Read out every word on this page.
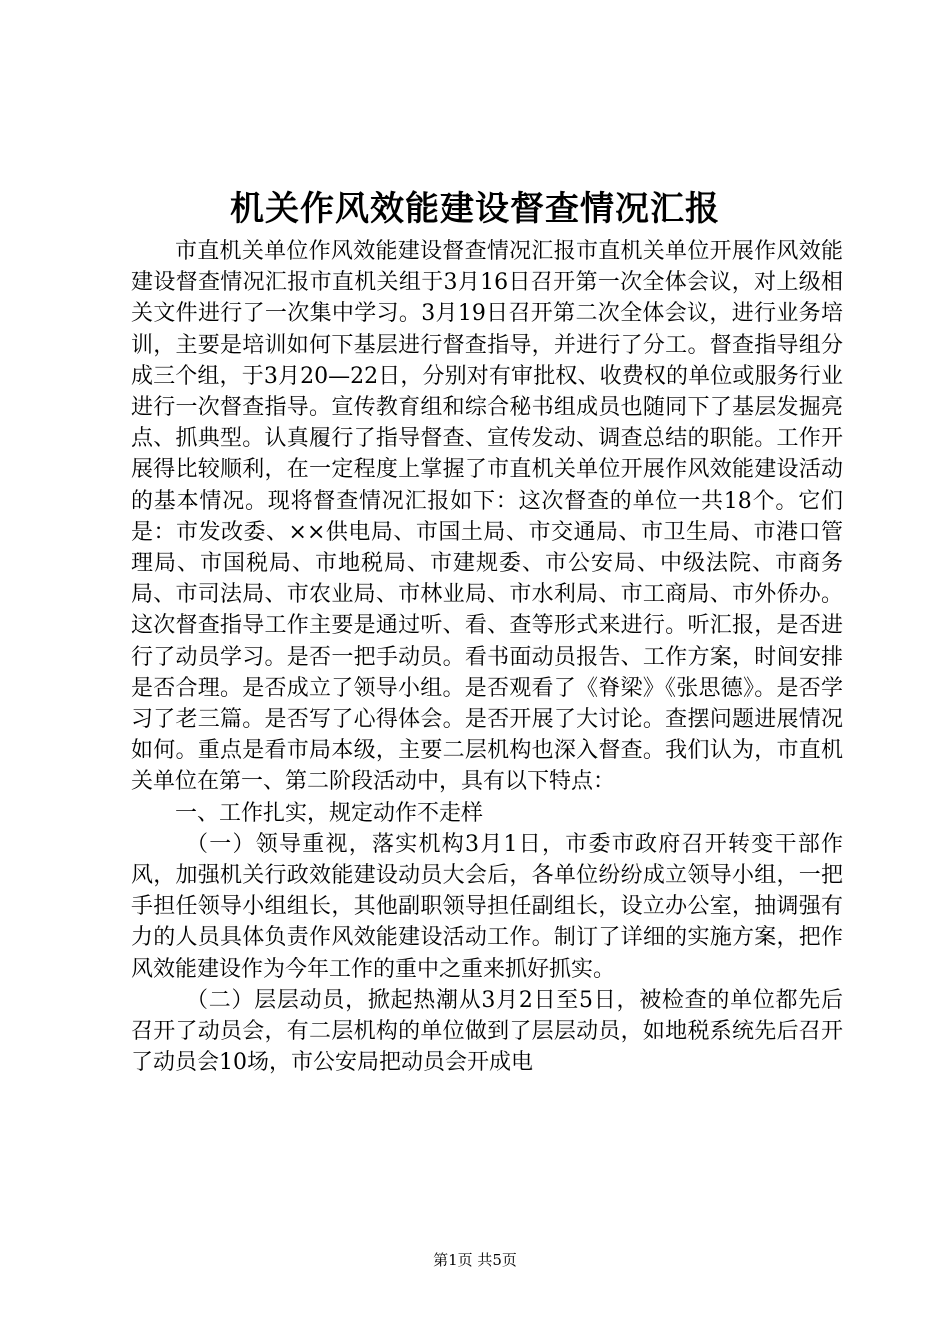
机关作风效能建设督查情况汇报

市直机关单位作风效能建设督查情况汇报市直机关单位开展作风效能建设督查情况汇报市直机关组于3月16日召开第一次全体会议，对上级相关文件进行了一次集中学习。3月19日召开第二次全体会议，进行业务培训，主要是培训如何下基层进行督查指导，并进行了分工。督查指导组分成三个组，于3月20—22日，分别对有审批权、收费权的单位或服务行业进行一次督查指导。宣传教育组和综合秘书组成员也随同下了基层发掘亮点、抓典型。认真履行了指导督查、宣传发动、调查总结的职能。工作开展得比较顺利，在一定程度上掌握了市直机关单位开展作风效能建设活动的基本情况。现将督查情况汇报如下：这次督查的单位一共18个。它们是：市发改委、××供电局、市国土局、市交通局、市卫生局、市港口管理局、市国税局、市地税局、市建规委、市公安局、中级法院、市商务局、市司法局、市农业局、市林业局、市水利局、市工商局、市外侨办。这次督查指导工作主要是通过听、看、查等形式来进行。听汇报，是否进行了动员学习。是否一把手动员。看书面动员报告、工作方案，时间安排是否合理。是否成立了领导小组。是否观看了《脊梁》《张思德》。是否学习了老三篇。是否写了心得体会。是否开展了大讨论。查摆问题进展情况如何。重点是看市局本级，主要二层机构也深入督查。我们认为，市直机关单位在第一、第二阶段活动中，具有以下特点：

一、工作扎实，规定动作不走样

（一）领导重视，落实机构3月1日，市委市政府召开转变干部作风，加强机关行政效能建设动员大会后，各单位纷纷成立领导小组，一把手担任领导小组组长，其他副职领导担任副组长，设立办公室，抽调强有力的人员具体负责作风效能建设活动工作。制订了详细的实施方案，把作风效能建设作为今年工作的重中之重来抓好抓实。

（二）层层动员，掀起热潮从3月2日至5日，被检查的单位都先后召开了动员会，有二层机构的单位做到了层层动员，如地税系统先后召开了动员会10场，市公安局把动员会开成电

第1页 共5页
